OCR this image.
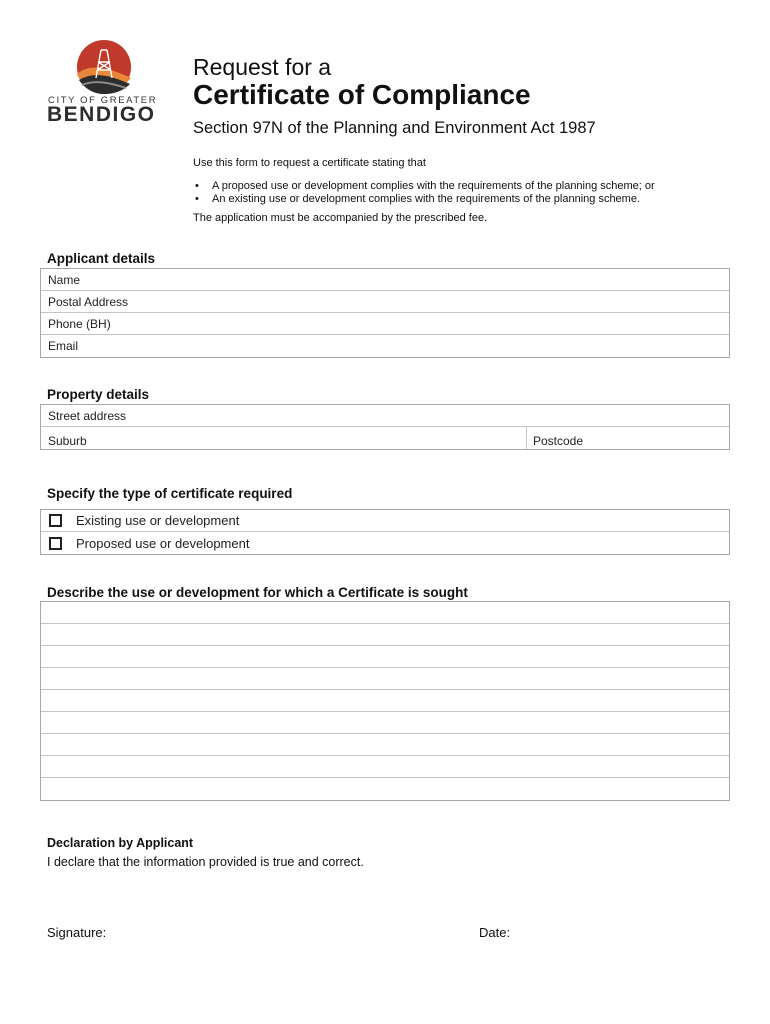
CITY OF GREATER
BENDIGO
Request for a
Certificate of Compliance
Section 97N of the Planning and Environment Act 1987
Use this form to request a certificate stating that
• A proposed use or development complies with the requirements of the planning scheme; or
• An existing use or development complies with the requirements of the planning scheme.
The application must be accompanied by the prescribed fee.
Applicant details
Name
Postal Address
Phone (BH)
Email
Property details
Street address
Suburb	Postcode
Specify the type of certificate required
Existing use or development
Proposed use or development
Describe the use or development for which a Certificate is sought
Declaration by Applicant
I declare that the information provided is true and correct.
Signature:	Date:
